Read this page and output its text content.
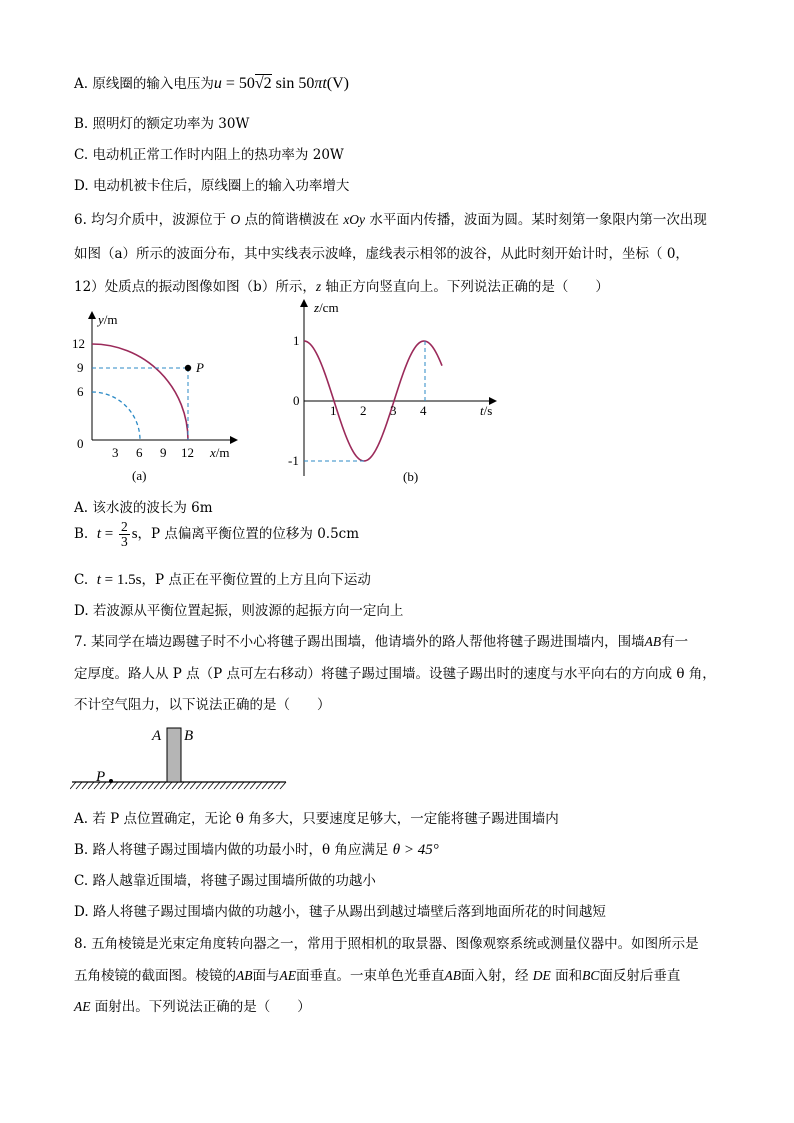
A. 原线圈的输入电压为u = 50√2 sin 50πt(V)
B. 照明灯的额定功率为 30W
C. 电动机正常工作时内阻上的热功率为 20W
D. 电动机被卡住后，原线圈上的输入功率增大
6. 均匀介质中，波源位于 O 点的简谐横波在 xOy 水平面内传播，波面为圆。某时刻第一象限内第一次出现
如图（a）所示的波面分布，其中实线表示波峰，虚线表示相邻的波谷，从此时刻开始计时，坐标（ 0，
12）处质点的振动图像如图（b）所示，z 轴正方向竖直向上。下列说法正确的是（　　）
P
12
9
6
0
3 6 9 12
y/m
x/m
(a)
1
0
-1
1 2 3 4
z/cm
t/s
(b)
A. 该水波的波长为 6m
B. $t = \frac{2}{3}$ s，P 点偏离平衡位置的位移为 0.5cm
C. t = 1.5s，P 点正在平衡位置的上方且向下运动
D. 若波源从平衡位置起振，则波源的起振方向一定向上
7. 某同学在墙边踢毽子时不小心将毽子踢出围墙，他请墙外的路人帮他将毽子踢进围墙内，围墙AB有一
定厚度。路人从 P 点（P 点可左右移动）将毽子踢过围墙。设毽子踢出时的速度与水平向右的方向成 θ 角，
不计空气阻力，以下说法正确的是（　　）
A B
P
A. 若 P 点位置确定，无论 θ 角多大，只要速度足够大，一定能将毽子踢进围墙内
B. 路人将毽子踢过围墙内做的功最小时，θ 角应满足 θ > 45°
C. 路人越靠近围墙，将毽子踢过围墙所做的功越小
D. 路人将毽子踢过围墙内做的功越小，毽子从踢出到越过墙壁后落到地面所花的时间越短
8. 五角棱镜是光束定角度转向器之一，常用于照相机的取景器、图像观察系统或测量仪器中。如图所示是
五角棱镜的截面图。棱镜的AB面与AE面垂直。一束单色光垂直AB面入射，经 DE 面和BC面反射后垂直
AE 面射出。下列说法正确的是（　　）
